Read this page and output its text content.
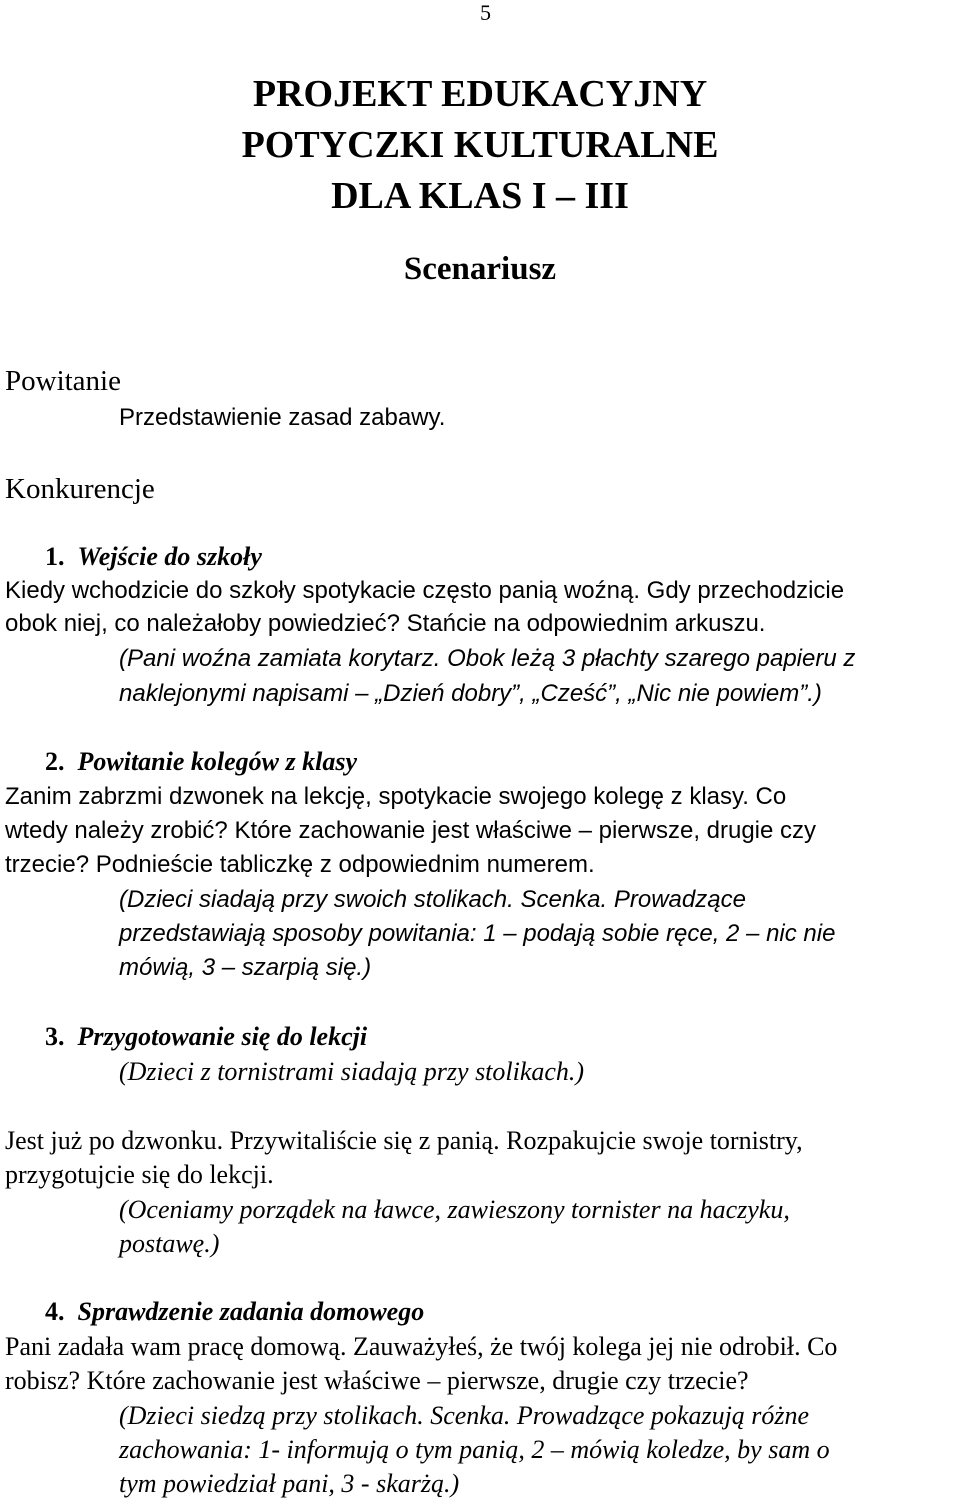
5
PROJEKT EDUKACYJNY
POTYCZKI KULTURALNE
DLA KLAS I – III
Scenariusz
Powitanie
Przedstawienie zasad zabawy.
Konkurencje
1. Wejście do szkoły
Kiedy wchodzicie do szkoły spotykacie często panią woźną. Gdy przechodzicie
obok niej, co należałoby powiedzieć? Stańcie na odpowiednim arkuszu.
(Pani woźna zamiata korytarz. Obok leżą 3 płachty szarego papieru z
naklejonymi napisami – „Dzień dobry”, „Cześć”, „Nic nie powiem”.)
2. Powitanie kolegów z klasy
Zanim zabrzmi dzwonek na lekcję, spotykacie swojego kolegę z klasy. Co
wtedy należy zrobić? Które zachowanie jest właściwe – pierwsze, drugie czy
trzecie? Podnieście tabliczkę z odpowiednim numerem.
(Dzieci siadają przy swoich stolikach. Scenka. Prowadzące
przedstawiają sposoby powitania: 1 – podają sobie ręce, 2 – nic nie
mówią, 3 – szarpią się.)
3. Przygotowanie się do lekcji
(Dzieci z tornistrami siadają przy stolikach.)
Jest już po dzwonku. Przywitaliście się z panią. Rozpakujcie swoje tornistry,
przygotujcie się do lekcji.
(Oceniamy porządek na ławce, zawieszony tornister na haczyku,
postawę.)
4. Sprawdzenie zadania domowego
Pani zadała wam pracę domową. Zauważyłeś, że twój kolega jej nie odrobił. Co
robisz? Które zachowanie jest właściwe – pierwsze, drugie czy trzecie?
(Dzieci siedzą przy stolikach. Scenka. Prowadzące pokazują różne
zachowania: 1- informują o tym panią, 2 – mówią koledze, by sam o
tym powiedział pani, 3 - skarżą.)
